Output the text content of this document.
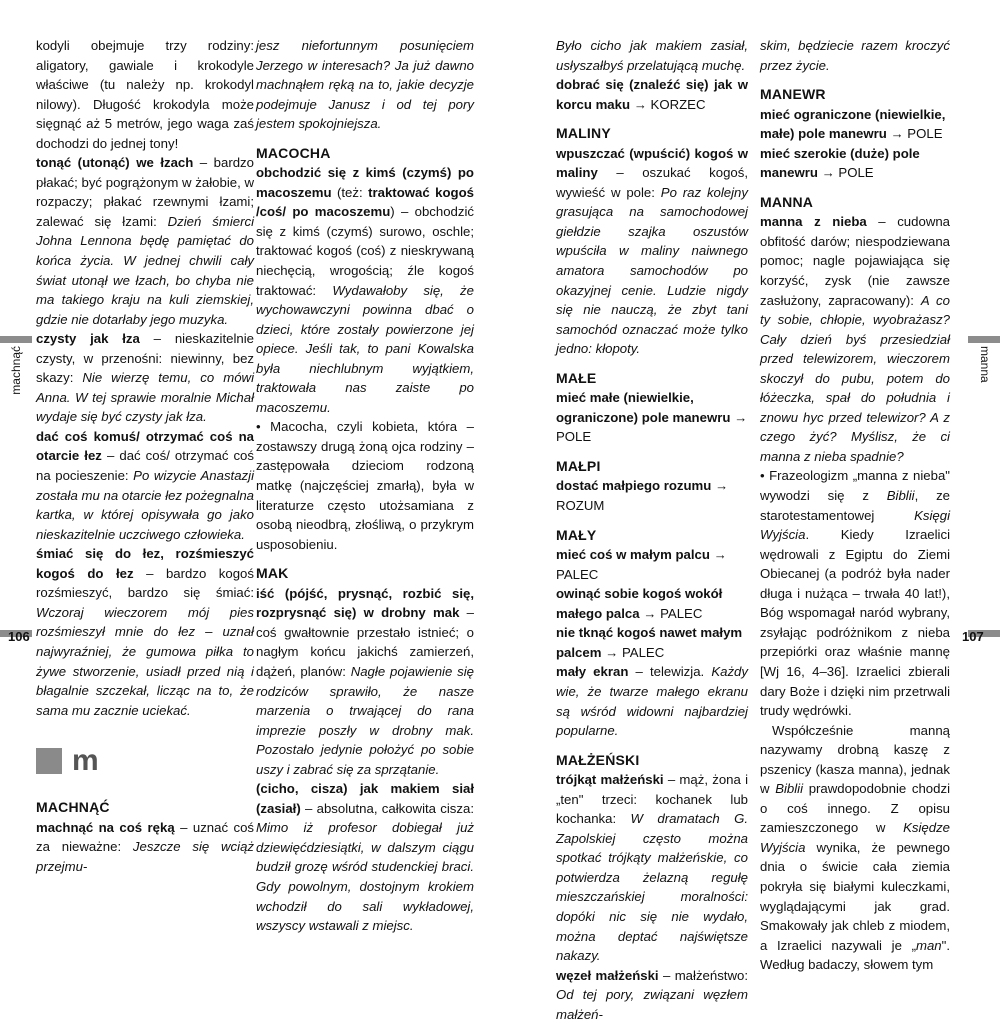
machnąć
106

kodyli obejmuje trzy rodziny: aligatory, gawiale i krokodyle właściwe (tu należy np. krokodyl nilowy). Długość krokodyla może sięgnąć aż 5 metrów, jego waga zaś dochodzi do jednej tony!

tonąć (utonąć) we łzach – bardzo płakać; być pogrążonym w żałobie, w rozpaczy; płakać rzewnymi łzami; zalewać się łzami: Dzień śmierci Johna Lennona będę pamiętać do końca życia. W jednej chwili cały świat utonął we łzach, bo chyba nie ma takiego kraju na kuli ziemskiej, gdzie nie dotarłaby jego muzyka.

czysty jak łza – nieskazitelnie czysty, w przenośni: niewinny, bez skazy: Nie wierzę temu, co mówi Anna. W tej sprawie moralnie Michał wydaje się być czysty jak łza.

dać coś komuś/ otrzymać coś na otarcie łez – dać coś/ otrzymać coś na pocieszenie: Po wizycie Anastazji została mu na otarcie łez pożegnalna kartka, w której opisywała go jako nieskazitelnie uczciwego człowieka.

śmiać się do łez, rozśmieszyć kogoś do łez – bardzo kogoś rozśmieszyć, bardzo się śmiać: Wczoraj wieczorem mój pies rozśmieszył mnie do łez – uznał najwyraźniej, że gumowa piłka to żywe stworzenie, usiadł przed nią i błagalnie szczekał, licząc na to, że sama mu zacznie uciekać.

m

MACHNĄĆ

machnąć na coś ręką – uznać coś za nieważne: Jeszcze się wciąż przejmu-

jesz niefortunnym posunięciem Jerzego w interesach? Ja już dawno machnąłem ręką na to, jakie decyzje podejmuje Janusz i od tej pory jestem spokojniejsza.

MACOCHA

obchodzić się z kimś (czymś) po macoszemu (też: traktować kogoś /coś/ po macoszemu) – obchodzić się z kimś (czymś) surowo, oschle; traktować kogoś (coś) z nieskrywaną niechęcią, wrogością; źle kogoś traktować: Wydawałoby się, że wychowawczyni powinna dbać o dzieci, które zostały powierzone jej opiece. Jeśli tak, to pani Kowalska była niechlubnym wyjątkiem, traktowała nas zaiste po macoszemu.

• Macocha, czyli kobieta, która – zostawszy drugą żoną ojca rodziny – zastępowała dzieciom rodzoną matkę (najczęściej zmarłą), była w literaturze często utożsamiana z osobą nieodbrą, złośliwą, o przykrym usposobieniu.

MAK

iść (pójść, prysnąć, rozbić się, rozprysnąć się) w drobny mak – coś gwałtownie przestało istnieć; o nagłym końcu jakichś zamierzeń, dążeń, planów: Nagłe pojawienie się rodziców sprawiło, że nasze marzenia o trwającej do rana imprezie poszły w drobny mak. Pozostało jedynie położyć po sobie uszy i zabrać się za sprzątanie.

(cicho, cisza) jak makiem siał (zasiał) – absolutna, całkowita cisza: Mimo iż profesor dobiegał już dziewięćdziesiątki, w dalszym ciągu budził grozę wśród studenckiej braci. Gdy powolnym, dostojnym krokiem wchodził do sali wykładowej, wszyscy wstawali z miejsc.

Było cicho jak makiem zasiał, usłyszałbyś przelatującą muchę.

dobrać się (znaleźć się) jak w korcu maku → KORZEC

MALINY

wpuszczać (wpuścić) kogoś w maliny – oszukać kogoś, wywieść w pole: Po raz kolejny grasująca na samochodowej giełdzie szajka oszustów wpuściła w maliny naiwnego amatora samochodów po okazyjnej cenie. Ludzie nigdy się nie nauczą, że zbyt tani samochód oznaczać może tylko jedno: kłopoty.

MAŁE

mieć małe (niewielkie, ograniczone) pole manewru → POLE

MAŁPI

dostać małpiego rozumu → ROZUM

MAŁY

mieć coś w małym palcu → PALEC

owinąć sobie kogoś wokół małego palca → PALEC

nie tknąć kogoś nawet małym palcem → PALEC

mały ekran – telewizja. Każdy wie, że twarze małego ekranu są wśród widowni najbardziej popularne.

MAŁŻEŃSKI

trójkąt małżeński – mąż, żona i „ten" trzeci: kochanek lub kochanka: W dramatach G. Zapolskiej często można spotkać trójkąty małżeńskie, co potwierdza żelazną regułę mieszczańskiej moralności: dopóki nic się nie wydało, można deptać najświętsze nakazy.

węzeł małżeński – małżeństwo: Od tej pory, związani węzłem małżeń-

skim, będziecie razem kroczyć przez życie.

MANEWR

mieć ograniczone (niewielkie, małe) pole manewru → POLE

mieć szerokie (duże) pole manewru → POLE

MANNA

manna z nieba – cudowna obfitość darów; niespodziewana pomoc; nagle pojawiająca się korzyść, zysk (nie zawsze zasłużony, zapracowany): A co ty sobie, chłopie, wyobrażasz? Cały dzień byś przesiedział przed telewizorem, wieczorem skoczył do pubu, potem do łóżeczka, spał do południa i znowu hyc przed telewizor? A z czego żyć? Myślisz, że ci manna z nieba spadnie?

• Frazeologizm „manna z nieba" wywodzi się z Biblii, ze starotestamentowej Księgi Wyjścia. Kiedy Izraelici wędrowali z Egiptu do Ziemi Obiecanej (a podróż była nader długa i nużąca – trwała 40 lat!), Bóg wspomagał naród wybrany, zsyłając podróżnikom z nieba przepiórki oraz właśnie mannę [Wj 16, 4–36]. Izraelici zbierali dary Boże i dzięki nim przetrwali trudy wędrówki.

Współcześnie manną nazywamy drobną kaszę z pszenicy (kasza manna), jednak w Biblii prawdopodobnie chodzi o coś innego. Z opisu zamieszczonego w Księdze Wyjścia wynika, że pewnego dnia o świcie cała ziemia pokryła się białymi kuleczkami, wyglądającymi jak grad. Smakowały jak chleb z miodem, a Izraelici nazywali je „man". Według badaczy, słowem tym

manna
107
